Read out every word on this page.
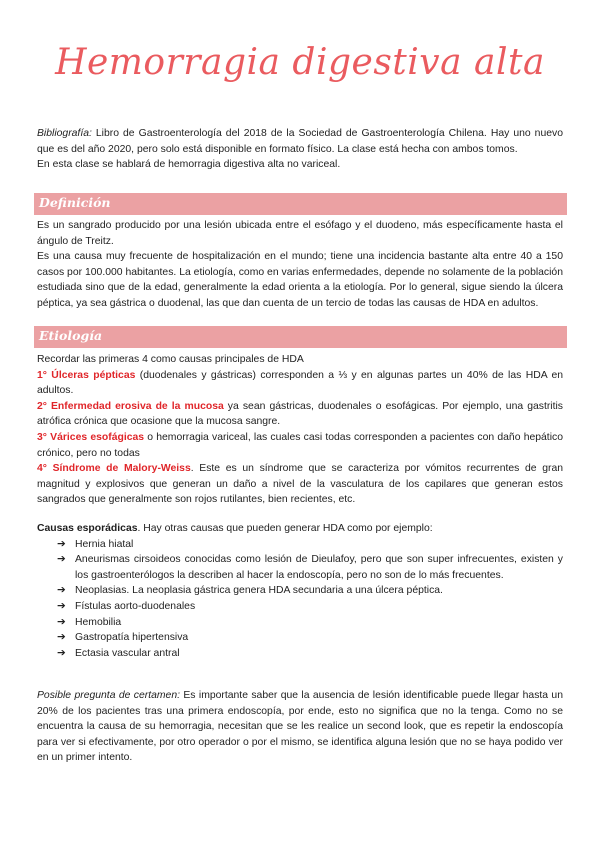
Hemorragia digestiva alta

Bibliografía: Libro de Gastroenterología del 2018 de la Sociedad de Gastroenterología Chilena. Hay uno nuevo que es del año 2020, pero solo está disponible en formato físico. La clase está hecha con ambos tomos.

En esta clase se hablará de hemorragia digestiva alta no variceal.

Definición

Es un sangrado producido por una lesión ubicada entre el esófago y el duodeno, más específicamente hasta el ángulo de Treitz.

Es una causa muy frecuente de hospitalización en el mundo; tiene una incidencia bastante alta entre 40 a 150 casos por 100.000 habitantes. La etiología, como en varias enfermedades, depende no solamente de la población estudiada sino que de la edad, generalmente la edad orienta a la etiología. Por lo general, sigue siendo la úlcera péptica, ya sea gástrica o duodenal, las que dan cuenta de un tercio de todas las causas de HDA en adultos.

Etiología

Recordar las primeras 4 como causas principales de HDA

1° Úlceras pépticas (duodenales y gástricas) corresponden a ⅓ y en algunas partes un 40% de las HDA en adultos.

2° Enfermedad erosiva de la mucosa ya sean gástricas, duodenales o esofágicas. Por ejemplo, una gastritis atrófica crónica que ocasione que la mucosa sangre.

3° Várices esofágicas o hemorragia variceal, las cuales casi todas corresponden a pacientes con daño hepático crónico, pero no todas

4° Síndrome de Malory-Weiss. Este es un síndrome que se caracteriza por vómitos recurrentes de gran magnitud y explosivos que generan un daño a nivel de la vasculatura de los capilares que generan estos sangrados que generalmente son rojos rutilantes, bien recientes, etc.

Causas esporádicas. Hay otras causas que pueden generar HDA como por ejemplo:

➔ Hernia hiatal
➔ Aneurismas cirsoideos conocidas como lesión de Dieulafoy, pero que son super infrecuentes, existen y los gastroenterólogos la describen al hacer la endoscopía, pero no son de lo más frecuentes.
➔ Neoplasias. La neoplasia gástrica genera HDA secundaria a una úlcera péptica.
➔ Fístulas aorto-duodenales
➔ Hemobilia
➔ Gastropatía hipertensiva
➔ Ectasia vascular antral

Posible pregunta de certamen: Es importante saber que la ausencia de lesión identificable puede llegar hasta un 20% de los pacientes tras una primera endoscopía, por ende, esto no significa que no la tenga. Como no se encuentra la causa de su hemorragia, necesitan que se les realice un second look, que es repetir la endoscopía para ver si efectivamente, por otro operador o por el mismo, se identifica alguna lesión que no se haya podido ver en un primer intento.
